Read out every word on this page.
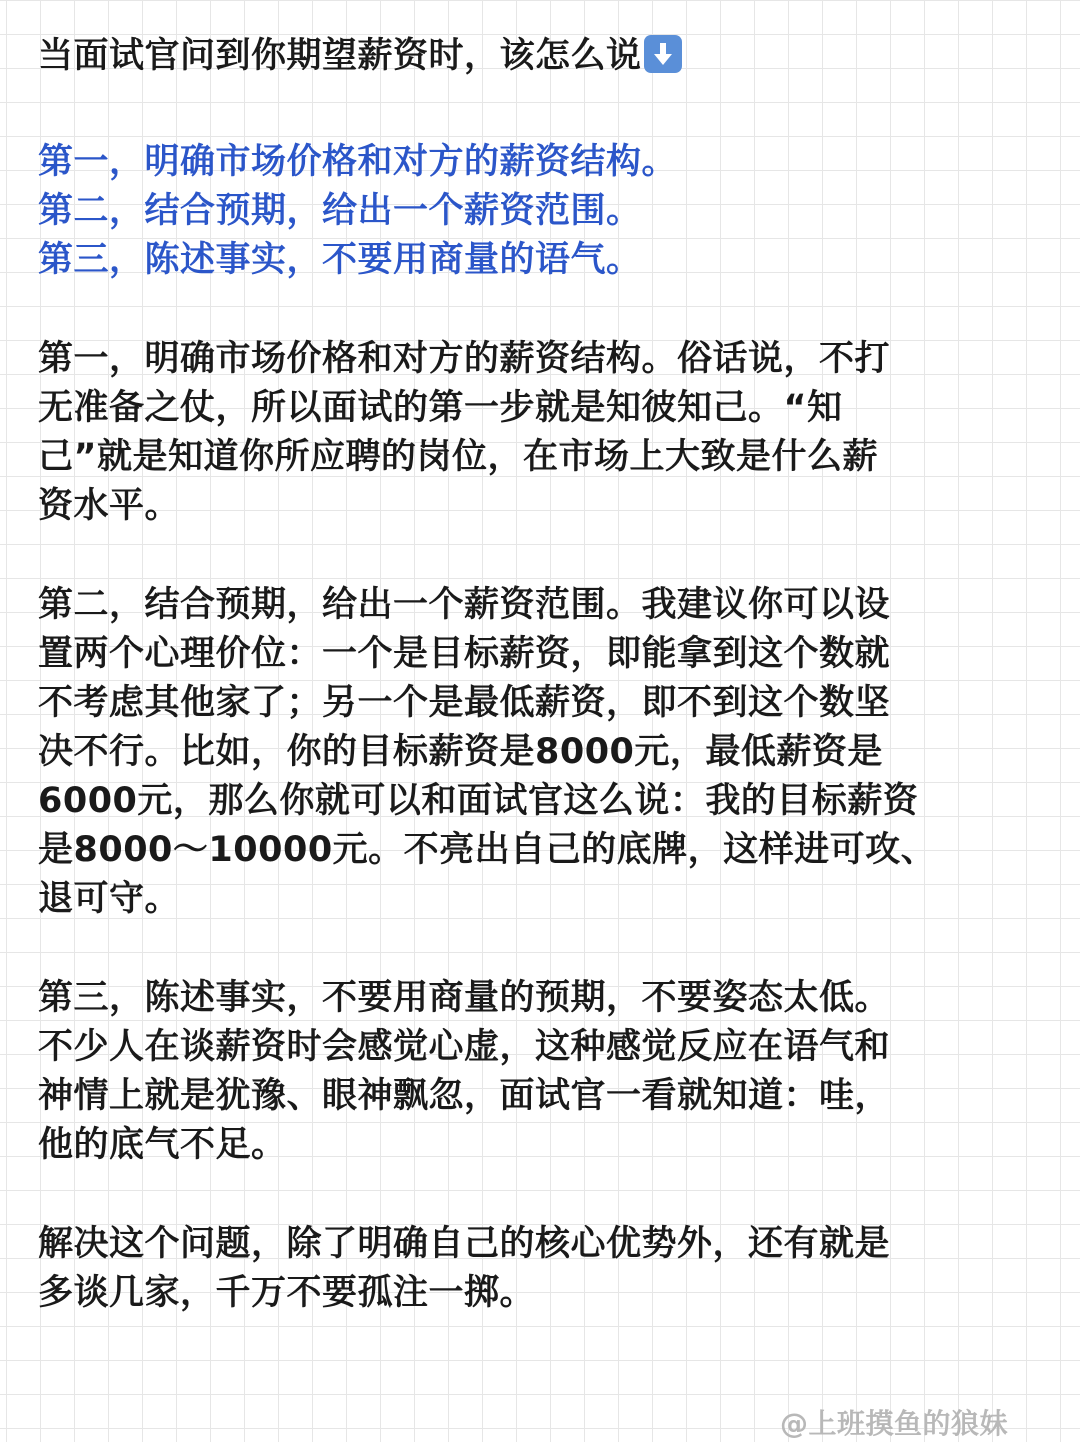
当面试官问到你期望薪资时，该怎么说
第一，明确市场价格和对方的薪资结构。
第二，结合预期，给出一个薪资范围。
第三，陈述事实，不要用商量的语气。
第一，明确市场价格和对方的薪资结构。俗话说，不打
无准备之仗，所以面试的第一步就是知彼知己。“知
己”就是知道你所应聘的岗位，在市场上大致是什么薪
资水平。
第二，结合预期，给出一个薪资范围。我建议你可以设
置两个心理价位：一个是目标薪资，即能拿到这个数就
不考虑其他家了；另一个是最低薪资，即不到这个数坚
决不行。比如，你的目标薪资是8000元，最低薪资是
6000元，那么你就可以和面试官这么说：我的目标薪资
是8000～10000元。不亮出自己的底牌，这样进可攻、
退可守。
第三，陈述事实，不要用商量的预期，不要姿态太低。
不少人在谈薪资时会感觉心虚，这种感觉反应在语气和
神情上就是犹豫、眼神飘忽，面试官一看就知道：哇，
他的底气不足。
解决这个问题，除了明确自己的核心优势外，还有就是
多谈几家，千万不要孤注一掷。
@上班摸鱼的狼妹
